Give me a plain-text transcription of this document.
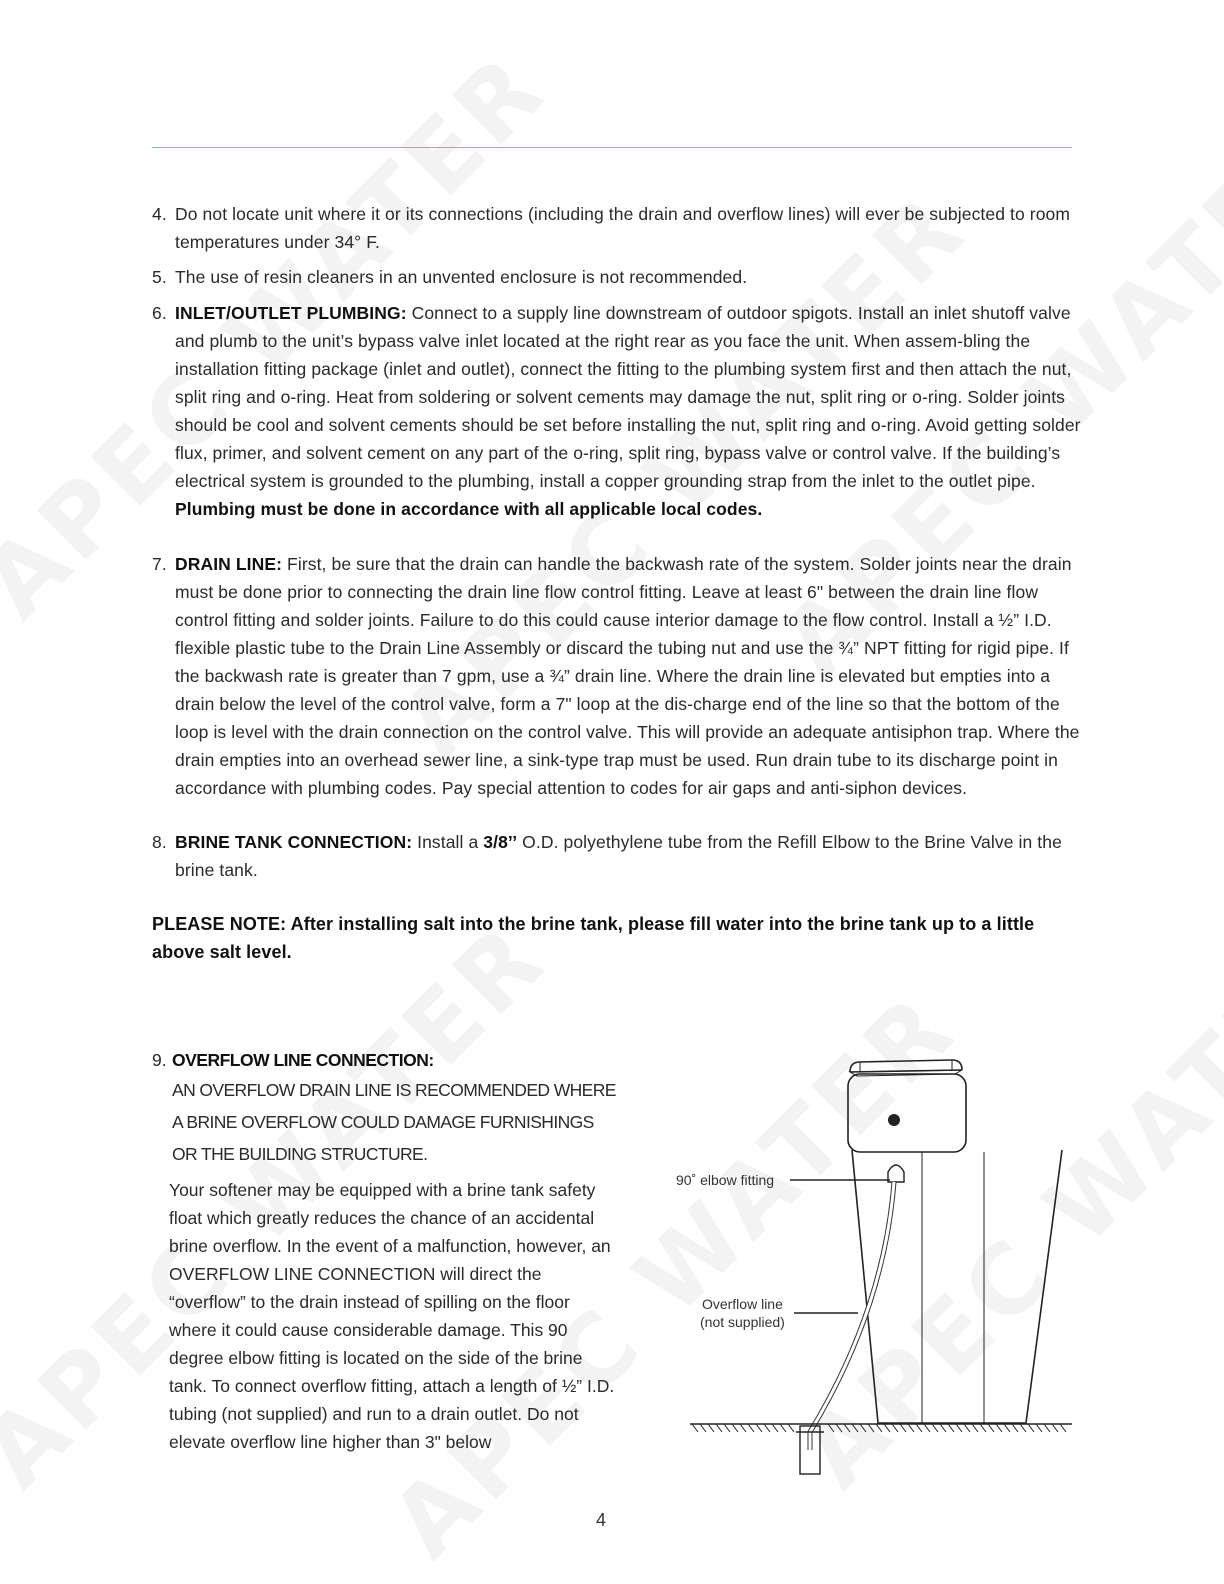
4. Do not locate unit where it or its connections (including the drain and overflow lines) will ever be subjected to room temperatures under 34° F.

5. The use of resin cleaners in an unvented enclosure is not recommended.

6. INLET/OUTLET PLUMBING: Connect to a supply line downstream of outdoor spigots. Install an inlet shutoff valve and plumb to the unit’s bypass valve inlet located at the right rear as you face the unit. When assem-bling the installation fitting package (inlet and outlet), connect the fitting to the plumbing system first and then attach the nut, split ring and o-ring. Heat from soldering or solvent cements may damage the nut, split ring or o-ring. Solder joints should be cool and solvent cements should be set before installing the nut, split ring and o-ring. Avoid getting solder flux, primer, and solvent cement on any part of the o-ring, split ring, bypass valve or control valve. If the building’s electrical system is grounded to the plumbing, install a copper grounding strap from the inlet to the outlet pipe. Plumbing must be done in accordance with all applicable local codes.

7. DRAIN LINE: First, be sure that the drain can handle the backwash rate of the system. Solder joints near the drain must be done prior to connecting the drain line flow control fitting. Leave at least 6" between the drain line flow control fitting and solder joints. Failure to do this could cause interior damage to the flow control. Install a ½” I.D. flexible plastic tube to the Drain Line Assembly or discard the tubing nut and use the ¾” NPT fitting for rigid pipe. If the backwash rate is greater than 7 gpm, use a ¾” drain line. Where the drain line is elevated but empties into a drain below the level of the control valve, form a 7" loop at the dis-charge end of the line so that the bottom of the loop is level with the drain connection on the control valve. This will provide an adequate antisiphon trap. Where the drain empties into an overhead sewer line, a sink-type trap must be used. Run drain tube to its discharge point in accordance with plumbing codes. Pay special attention to codes for air gaps and anti-siphon devices.

8. BRINE TANK CONNECTION: Install a 3/8’’ O.D. polyethylene tube from the Refill Elbow to the Brine Valve in the brine tank.

PLEASE NOTE: After installing salt into the brine tank, please fill water into the brine tank up to a little above salt level.

9. OVERFLOW LINE CONNECTION:
AN OVERFLOW DRAIN LINE IS RECOMMENDED WHERE
A BRINE OVERFLOW COULD DAMAGE FURNISHINGS
OR THE BUILDING STRUCTURE.
Your softener may be equipped with a brine tank safety float which greatly reduces the chance of an accidental brine overflow. In the event of a malfunction, however, an OVERFLOW LINE CONNECTION will direct the “overflow” to the drain instead of spilling on the floor where it could cause considerable damage. This 90 degree elbow fitting is located on the side of the brine tank. To connect overflow fitting, attach a length of ½” I.D. tubing (not supplied) and run to a drain outlet. Do not elevate overflow line higher than 3" below
90˚ elbow fitting
Overflow line
(not supplied)
4
